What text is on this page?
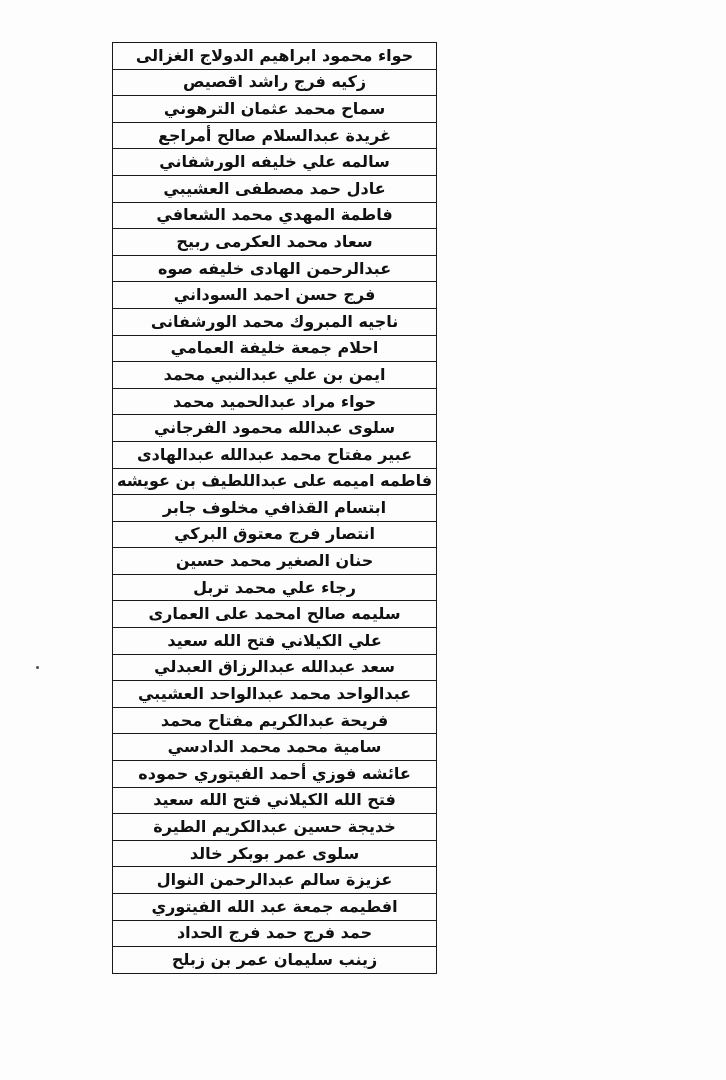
حواء محمود ابراهيم الدولاج الغزالى
زكيه فرج راشد اقصيص
سماح محمد عثمان الترهوني
غريدة عبدالسلام صالح أمراجع
سالمه علي خليفه الورشفاني
عادل حمد مصطفى العشيبي
فاطمة المهدي محمد الشعافي
سعاد محمد العكرمى ربيح
عبدالرحمن الهادى خليفه صوه
فرج حسن احمد السوداني
ناجيه المبروك محمد الورشفانى
احلام جمعة خليفة العمامي
ايمن بن علي عبدالنبي محمد
حواء مراد عبدالحميد محمد
سلوى عبدالله محمود الفرجاني
عبير مفتاح محمد عبدالله عبدالهادى
فاطمه اميمه على عبداللطيف بن عويشه
ابتسام القذافي مخلوف جابر
انتصار فرج معتوق البركي
حنان الصغير محمد حسين
رجاء علي محمد تربل
سليمه صالح امحمد على العمارى
علي الكيلاني فتح الله سعيد
سعد عبدالله عبدالرزاق العبدلي
عبدالواحد محمد عبدالواحد العشيبي
فريحة عبدالكريم مفتاح محمد
سامية محمد محمد الدادسي
عائشه فوزي أحمد الفيتوري حموده
فتح الله الكيلاني فتح الله سعيد
خديجة حسين عبدالكريم الطيرة
سلوى عمر بوبكر خالد
عزيزة سالم عبدالرحمن النوال
افطيمه جمعة عبد الله الفيتوري
حمد فرج حمد فرج الحداد
زينب سليمان عمر بن زبلح
